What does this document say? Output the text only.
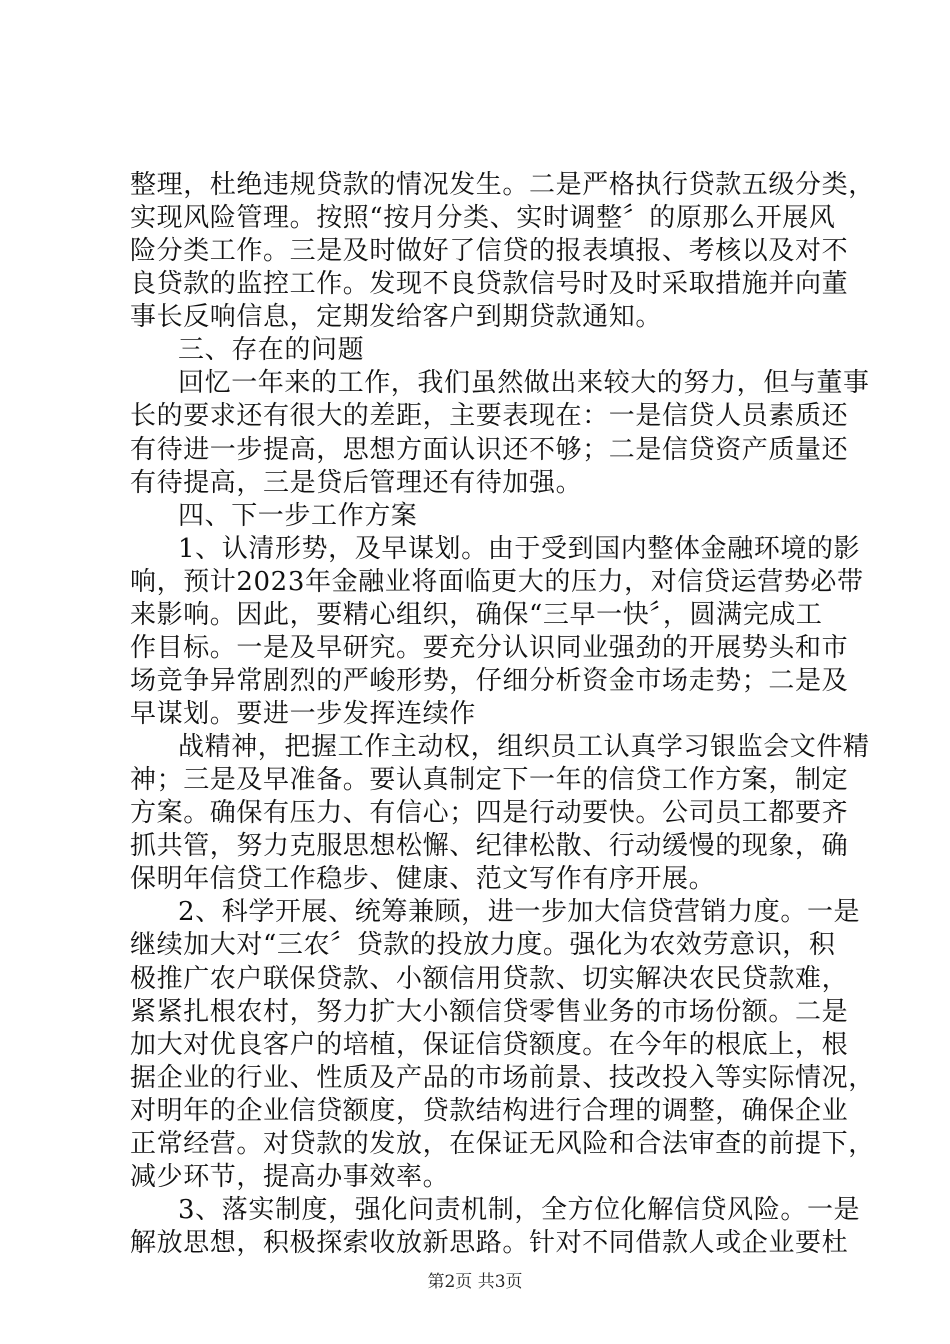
整理，杜绝违规贷款的情况发生。二是严格执行贷款五级分类，
实现风险管理。按照“按月分类、实时调整〞的原那么开展风
险分类工作。三是及时做好了信贷的报表填报、考核以及对不
良贷款的监控工作。发现不良贷款信号时及时采取措施并向董
事长反响信息，定期发给客户到期贷款通知。
三、存在的问题
回忆一年来的工作，我们虽然做出来较大的努力，但与董事
长的要求还有很大的差距，主要表现在：一是信贷人员素质还
有待进一步提高，思想方面认识还不够；二是信贷资产质量还
有待提高，三是贷后管理还有待加强。
四、下一步工作方案
1、认清形势，及早谋划。由于受到国内整体金融环境的影
响，预计2023年金融业将面临更大的压力，对信贷运营势必带
来影响。因此，要精心组织，确保“三早一快〞，圆满完成工
作目标。一是及早研究。要充分认识同业强劲的开展势头和市
场竞争异常剧烈的严峻形势，仔细分析资金市场走势；二是及
早谋划。要进一步发挥连续作
战精神，把握工作主动权，组织员工认真学习银监会文件精
神；三是及早准备。要认真制定下一年的信贷工作方案，制定
方案。确保有压力、有信心；四是行动要快。公司员工都要齐
抓共管，努力克服思想松懈、纪律松散、行动缓慢的现象，确
保明年信贷工作稳步、健康、范文写作有序开展。
2、科学开展、统筹兼顾，进一步加大信贷营销力度。一是
继续加大对“三农〞贷款的投放力度。强化为农效劳意识，积
极推广农户联保贷款、小额信用贷款、切实解决农民贷款难，
紧紧扎根农村，努力扩大小额信贷零售业务的市场份额。二是
加大对优良客户的培植，保证信贷额度。在今年的根底上，根
据企业的行业、性质及产品的市场前景、技改投入等实际情况，
对明年的企业信贷额度，贷款结构进行合理的调整，确保企业
正常经营。对贷款的发放，在保证无风险和合法审查的前提下，
减少环节，提高办事效率。
3、落实制度，强化问责机制，全方位化解信贷风险。一是
解放思想，积极探索收放新思路。针对不同借款人或企业要杜
第2页 共3页
